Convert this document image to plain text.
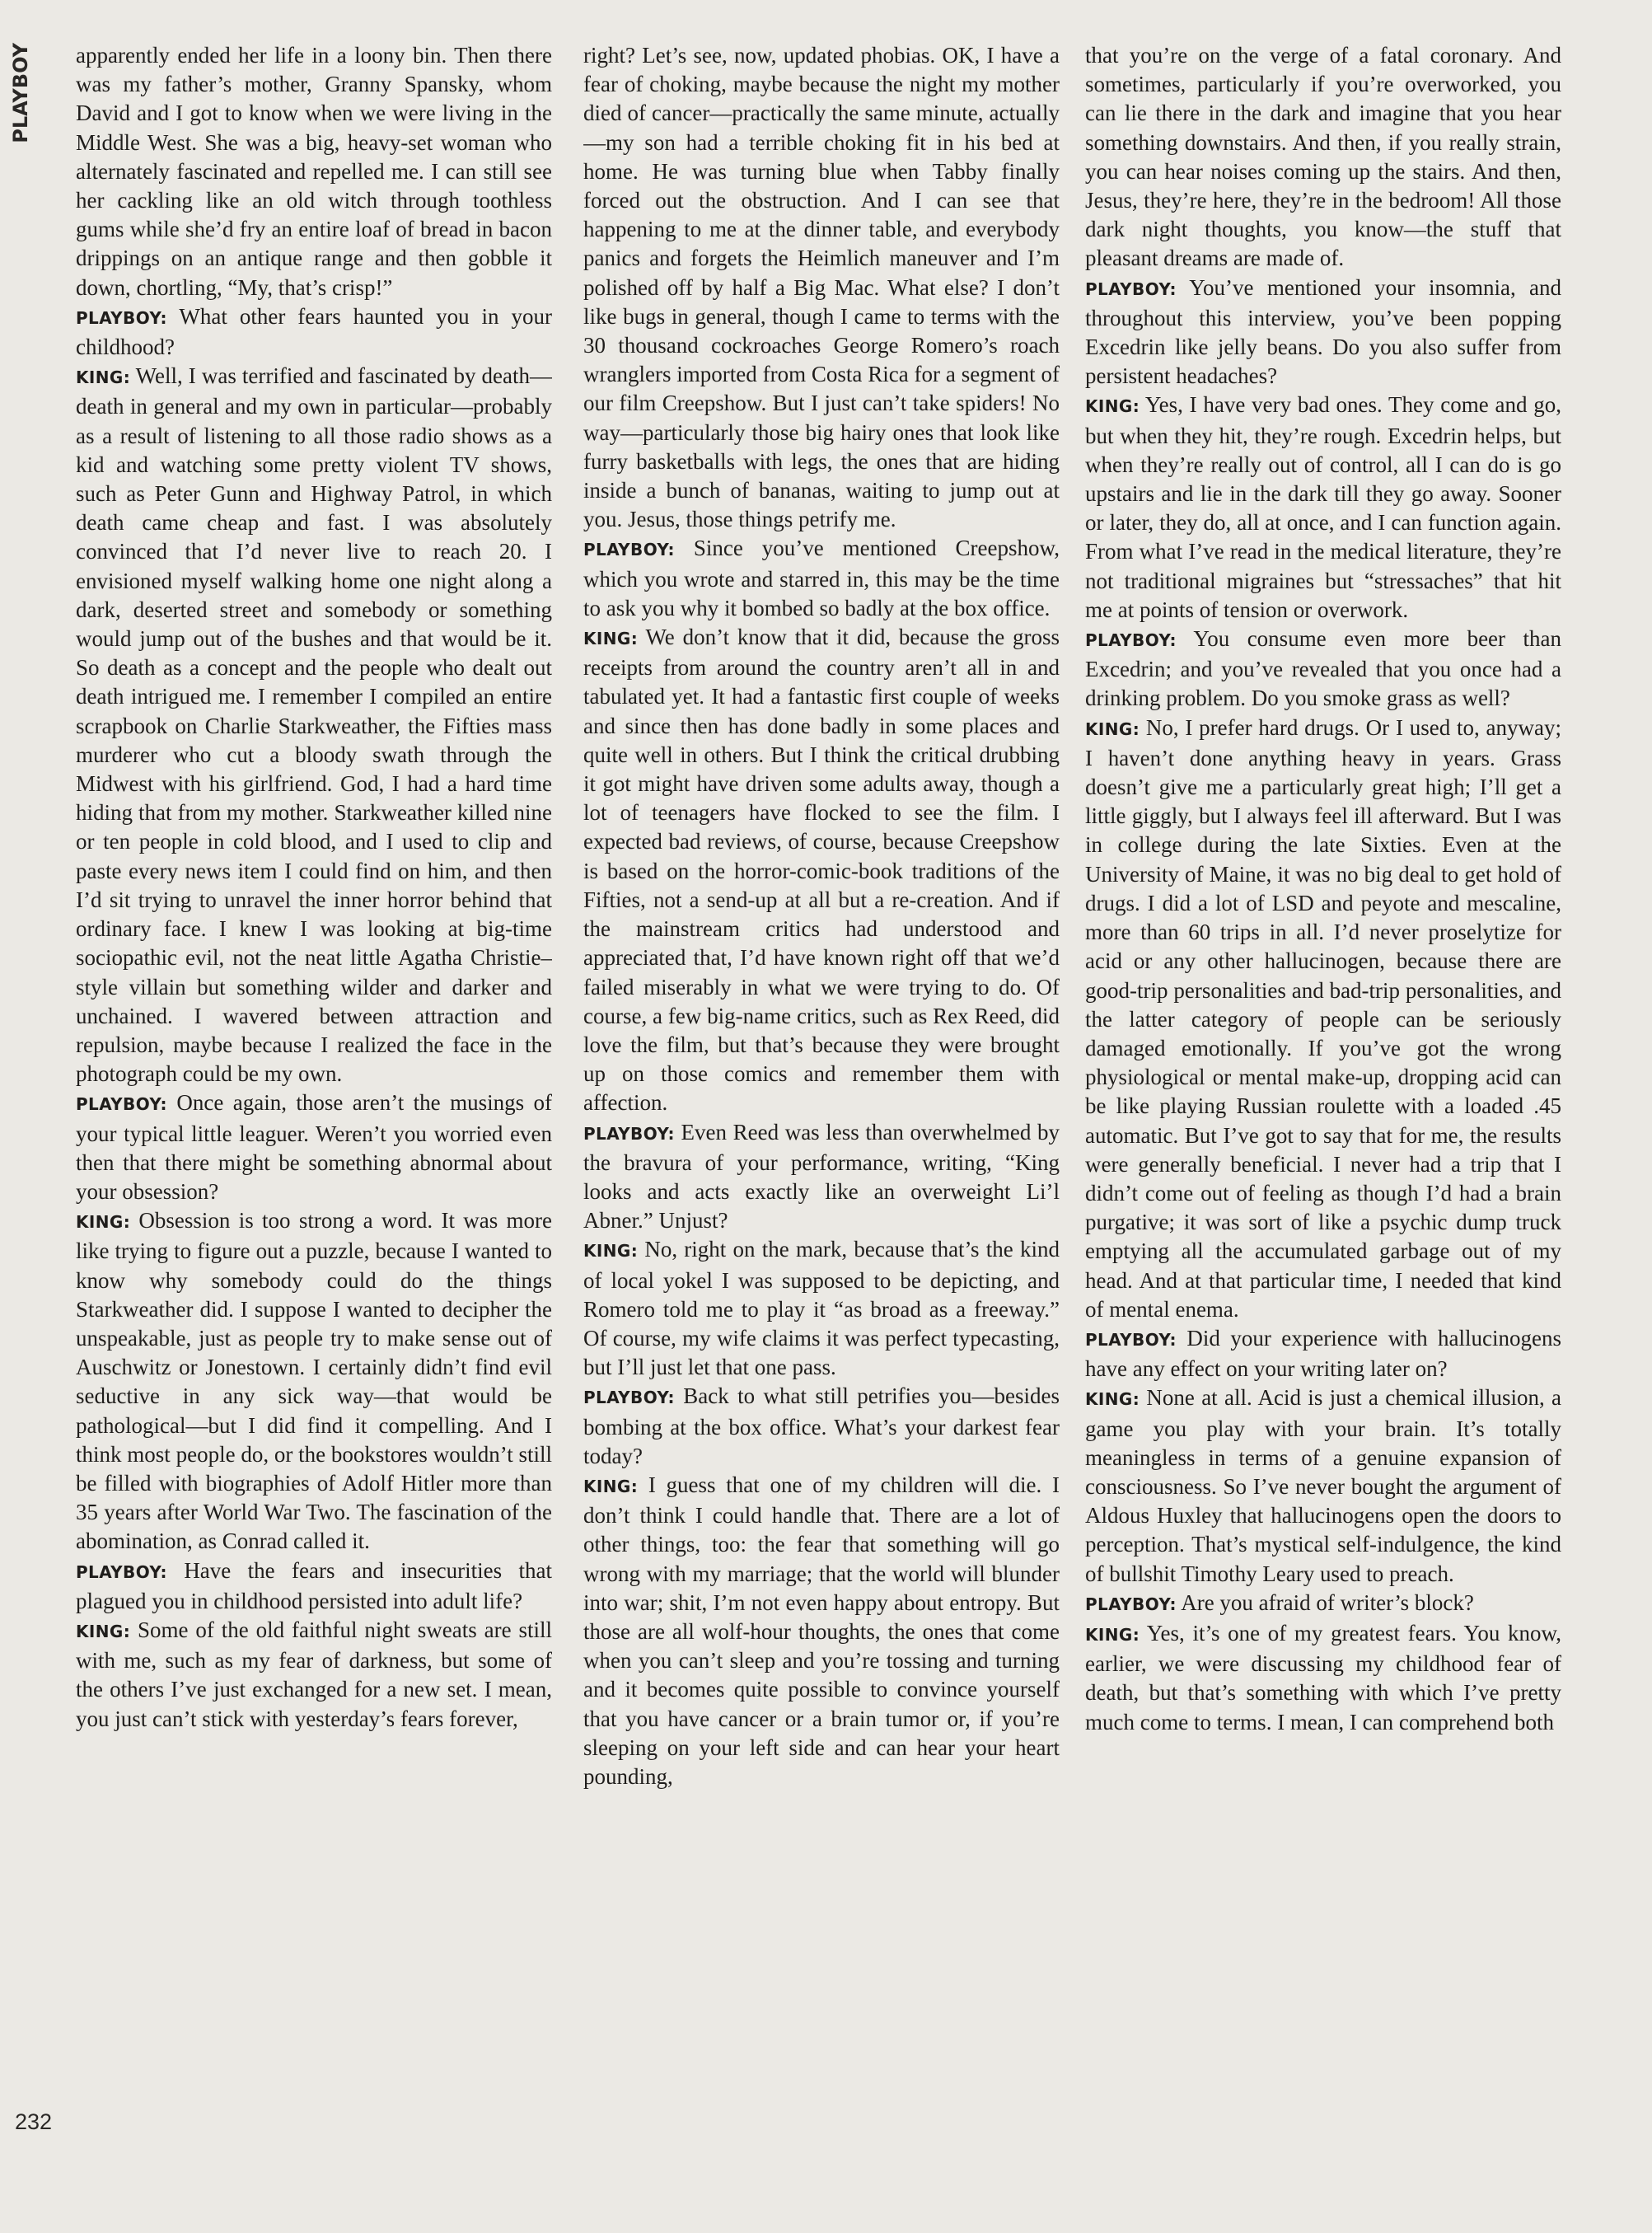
PLAYBOY apparently ended her life in a loony bin. Then there was my father’s mother, Granny Spansky, whom David and I got to know when we were living in the Middle West. She was a big, heavy-set woman who alternately fascinated and repelled me. I can still see her cackling like an old witch through toothless gums while she’d fry an entire loaf of bread in bacon drippings on an antique range and then gobble it down, chortling, “My, that’s crisp!”

PLAYBOY: What other fears haunted you in your childhood?

KING: Well, I was terrified and fascinated by death—death in general and my own in particular—probably as a result of listening to all those radio shows as a kid and watching some pretty violent TV shows, such as Peter Gunn and Highway Patrol, in which death came cheap and fast. I was absolutely convinced that I’d never live to reach 20. I envisioned myself walking home one night along a dark, deserted street and somebody or something would jump out of the bushes and that would be it. So death as a concept and the people who dealt out death intrigued me. I remember I compiled an entire scrapbook on Charlie Starkweather, the Fifties mass murderer who cut a bloody swath through the Midwest with his girlfriend. God, I had a hard time hiding that from my mother. Starkweather killed nine or ten people in cold blood, and I used to clip and paste every news item I could find on him, and then I’d sit trying to unravel the inner horror behind that ordinary face. I knew I was looking at big-time sociopathic evil, not the neat little Agatha Christie–style villain but something wilder and darker and unchained. I wavered between attraction and repulsion, maybe because I realized the face in the photograph could be my own.

PLAYBOY: Once again, those aren’t the musings of your typical little leaguer. Weren’t you worried even then that there might be something abnormal about your obsession?

KING: Obsession is too strong a word. It was more like trying to figure out a puzzle, because I wanted to know why somebody could do the things Starkweather did. I suppose I wanted to decipher the unspeakable, just as people try to make sense out of Auschwitz or Jonestown. I certainly didn’t find evil seductive in any sick way—that would be pathological—but I did find it compelling. And I think most people do, or the bookstores wouldn’t still be filled with biographies of Adolf Hitler more than 35 years after World War Two. The fascination of the abomination, as Conrad called it.

PLAYBOY: Have the fears and insecurities that plagued you in childhood persisted into adult life?

KING: Some of the old faithful night sweats are still with me, such as my fear of darkness, but some of the others I’ve just exchanged for a new set. I mean, you just can’t stick with yesterday’s fears forever,

right? Let’s see, now, updated phobias. OK, I have a fear of choking, maybe because the night my mother died of cancer—practically the same minute, actually—my son had a terrible choking fit in his bed at home. He was turning blue when Tabby finally forced out the obstruction. And I can see that happening to me at the dinner table, and everybody panics and forgets the Heimlich maneuver and I’m polished off by half a Big Mac. What else? I don’t like bugs in general, though I came to terms with the 30 thousand cockroaches George Romero’s roach wranglers imported from Costa Rica for a segment of our film Creepshow. But I just can’t take spiders! No way—particularly those big hairy ones that look like furry basketballs with legs, the ones that are hiding inside a bunch of bananas, waiting to jump out at you. Jesus, those things petrify me.

PLAYBOY: Since you’ve mentioned Creepshow, which you wrote and starred in, this may be the time to ask you why it bombed so badly at the box office.

KING: We don’t know that it did, because the gross receipts from around the country aren’t all in and tabulated yet. It had a fantastic first couple of weeks and since then has done badly in some places and quite well in others. But I think the critical drubbing it got might have driven some adults away, though a lot of teenagers have flocked to see the film. I expected bad reviews, of course, because Creepshow is based on the horror-comic-book traditions of the Fifties, not a send-up at all but a re-creation. And if the mainstream critics had understood and appreciated that, I’d have known right off that we’d failed miserably in what we were trying to do. Of course, a few big-name critics, such as Rex Reed, did love the film, but that’s because they were brought up on those comics and remember them with affection.

PLAYBOY: Even Reed was less than overwhelmed by the bravura of your performance, writing, “King looks and acts exactly like an overweight Li’l Abner.” Unjust?

KING: No, right on the mark, because that’s the kind of local yokel I was supposed to be depicting, and Romero told me to play it “as broad as a freeway.” Of course, my wife claims it was perfect typecasting, but I’ll just let that one pass.

PLAYBOY: Back to what still petrifies you—besides bombing at the box office. What’s your darkest fear today?

KING: I guess that one of my children will die. I don’t think I could handle that. There are a lot of other things, too: the fear that something will go wrong with my marriage; that the world will blunder into war; shit, I’m not even happy about entropy. But those are all wolf-hour thoughts, the ones that come when you can’t sleep and you’re tossing and turning and it becomes quite possible to convince yourself that you have cancer or a brain tumor or, if you’re sleeping on your left side and can hear your heart pounding,

that you’re on the verge of a fatal coronary. And sometimes, particularly if you’re overworked, you can lie there in the dark and imagine that you hear something downstairs. And then, if you really strain, you can hear noises coming up the stairs. And then, Jesus, they’re here, they’re in the bedroom! All those dark night thoughts, you know—the stuff that pleasant dreams are made of.

PLAYBOY: You’ve mentioned your insomnia, and throughout this interview, you’ve been popping Excedrin like jelly beans. Do you also suffer from persistent headaches?

KING: Yes, I have very bad ones. They come and go, but when they hit, they’re rough. Excedrin helps, but when they’re really out of control, all I can do is go upstairs and lie in the dark till they go away. Sooner or later, they do, all at once, and I can function again. From what I’ve read in the medical literature, they’re not traditional migraines but “stressaches” that hit me at points of tension or overwork.

PLAYBOY: You consume even more beer than Excedrin; and you’ve revealed that you once had a drinking problem. Do you smoke grass as well?

KING: No, I prefer hard drugs. Or I used to, anyway; I haven’t done anything heavy in years. Grass doesn’t give me a particularly great high; I’ll get a little giggly, but I always feel ill afterward. But I was in college during the late Sixties. Even at the University of Maine, it was no big deal to get hold of drugs. I did a lot of LSD and peyote and mescaline, more than 60 trips in all. I’d never proselytize for acid or any other hallucinogen, because there are good-trip personalities and bad-trip personalities, and the latter category of people can be seriously damaged emotionally. If you’ve got the wrong physiological or mental make-up, dropping acid can be like playing Russian roulette with a loaded .45 automatic. But I’ve got to say that for me, the results were generally beneficial. I never had a trip that I didn’t come out of feeling as though I’d had a brain purgative; it was sort of like a psychic dump truck emptying all the accumulated garbage out of my head. And at that particular time, I needed that kind of mental enema.

PLAYBOY: Did your experience with hallucinogens have any effect on your writing later on?

KING: None at all. Acid is just a chemical illusion, a game you play with your brain. It’s totally meaningless in terms of a genuine expansion of consciousness. So I’ve never bought the argument of Aldous Huxley that hallucinogens open the doors to perception. That’s mystical self-indulgence, the kind of bullshit Timothy Leary used to preach.

PLAYBOY: Are you afraid of writer’s block?

KING: Yes, it’s one of my greatest fears. You know, earlier, we were discussing my childhood fear of death, but that’s something with which I’ve pretty much come to terms. I mean, I can comprehend both

232
